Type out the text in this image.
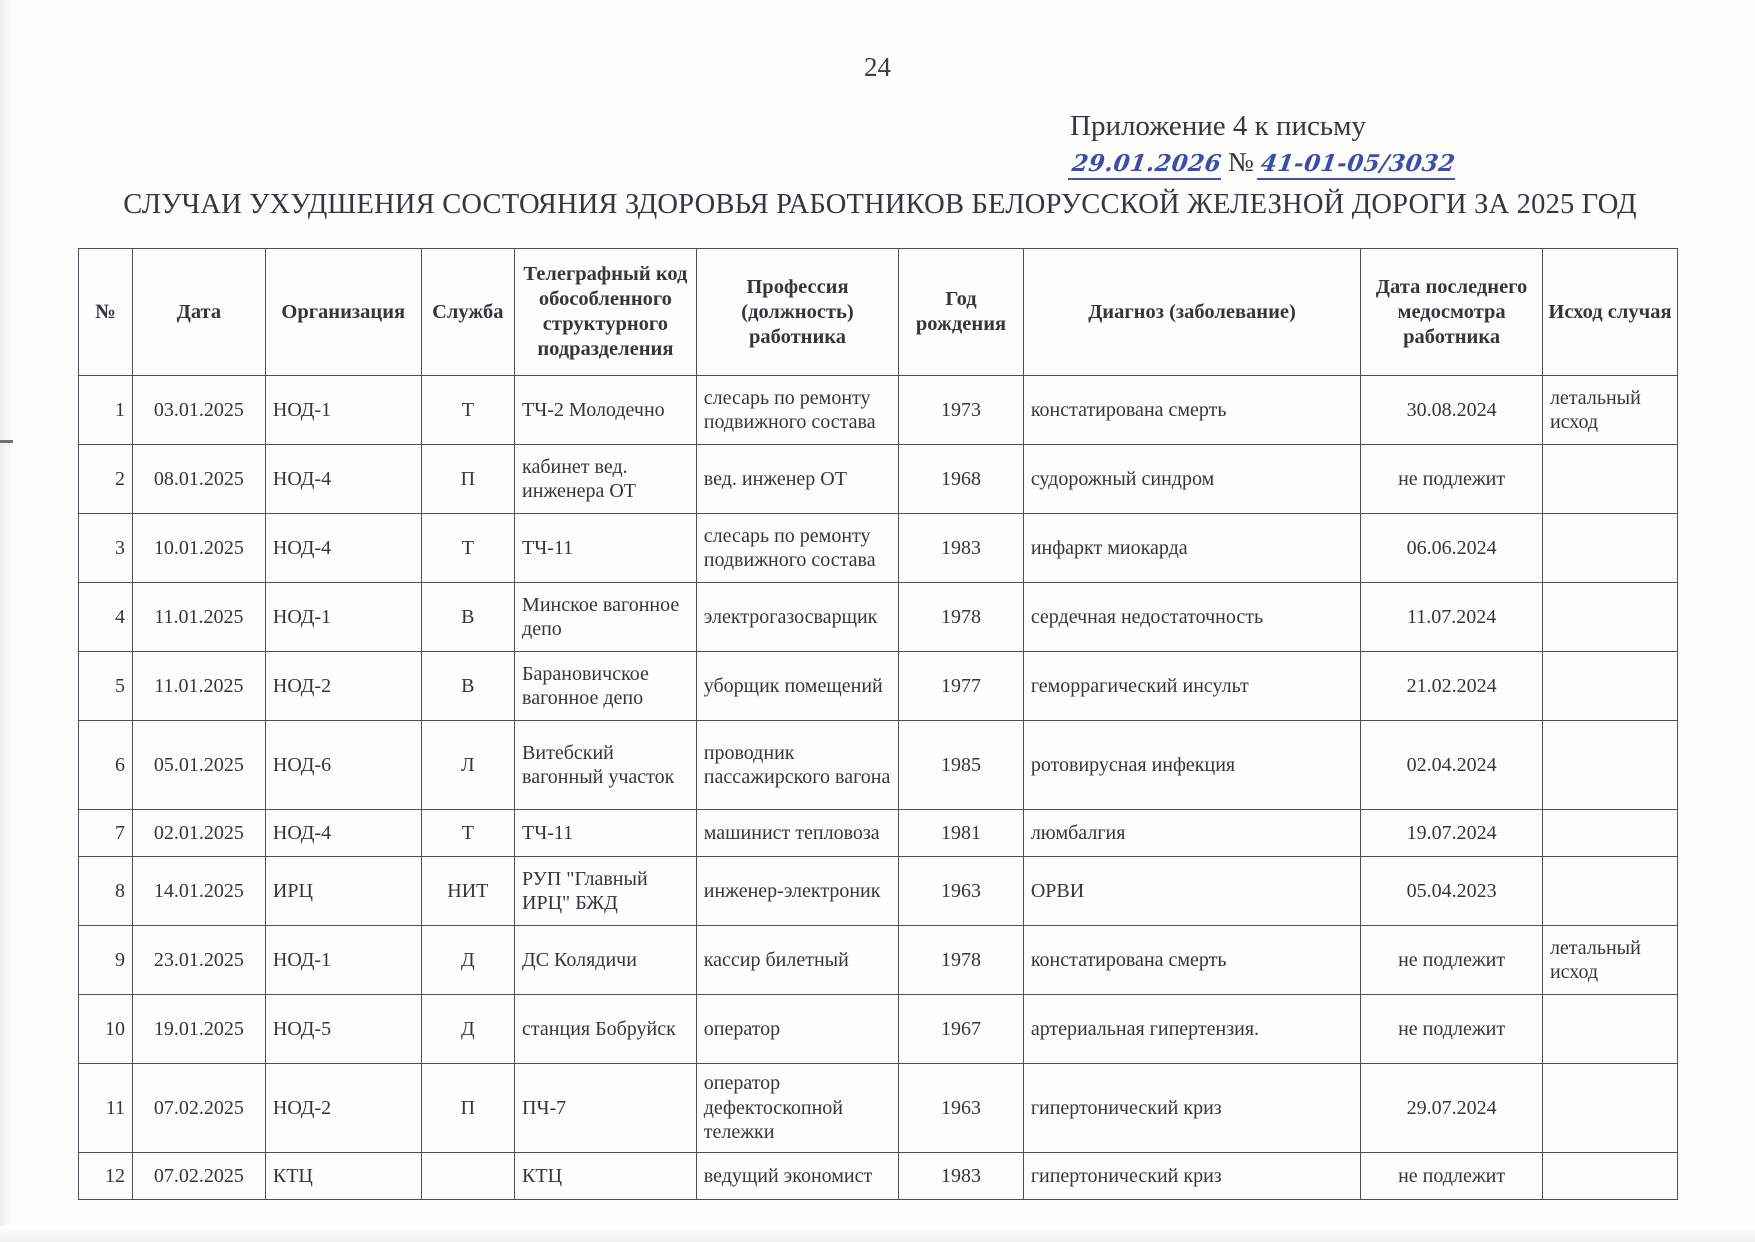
24
Приложение 4 к письму
29.01.2026 № 41-01-05/3032
СЛУЧАИ УХУДШЕНИЯ СОСТОЯНИЯ ЗДОРОВЬЯ РАБОТНИКОВ БЕЛОРУССКОЙ ЖЕЛЕЗНОЙ ДОРОГИ ЗА 2025 ГОД
№	Дата	Организация	Служба	Телеграфный код обособленного структурного подразделения	Профессия (должность) работника	Год рождения	Диагноз (заболевание)	Дата последнего медосмотра работника	Исход случая
1	03.01.2025	НОД-1	Т	ТЧ-2 Молодечно	слесарь по ремонту подвижного состава	1973	констатирована смерть	30.08.2024	летальный исход
2	08.01.2025	НОД-4	П	кабинет вед. инженера ОТ	вед. инженер ОТ	1968	судорожный синдром	не подлежит	
3	10.01.2025	НОД-4	Т	ТЧ-11	слесарь по ремонту подвижного состава	1983	инфаркт миокарда	06.06.2024	
4	11.01.2025	НОД-1	В	Минское вагонное депо	электрогазосварщик	1978	сердечная недостаточность	11.07.2024	
5	11.01.2025	НОД-2	В	Барановичское вагонное депо	уборщик помещений	1977	геморрагический инсульт	21.02.2024	
6	05.01.2025	НОД-6	Л	Витебский вагонный участок	проводник пассажирского вагона	1985	ротовирусная инфекция	02.04.2024	
7	02.01.2025	НОД-4	Т	ТЧ-11	машинист тепловоза	1981	люмбалгия	19.07.2024	
8	14.01.2025	ИРЦ	НИТ	РУП "Главный ИРЦ" БЖД	инженер-электроник	1963	ОРВИ	05.04.2023	
9	23.01.2025	НОД-1	Д	ДС Колядичи	кассир билетный	1978	констатирована смерть	не подлежит	летальный исход
10	19.01.2025	НОД-5	Д	станция Бобруйск	оператор	1967	артериальная гипертензия.	не подлежит	
11	07.02.2025	НОД-2	П	ПЧ-7	оператор дефектоскопной тележки	1963	гипертонический криз	29.07.2024	
12	07.02.2025	КТЦ		КТЦ	ведущий экономист	1983	гипертонический криз	не подлежит	
